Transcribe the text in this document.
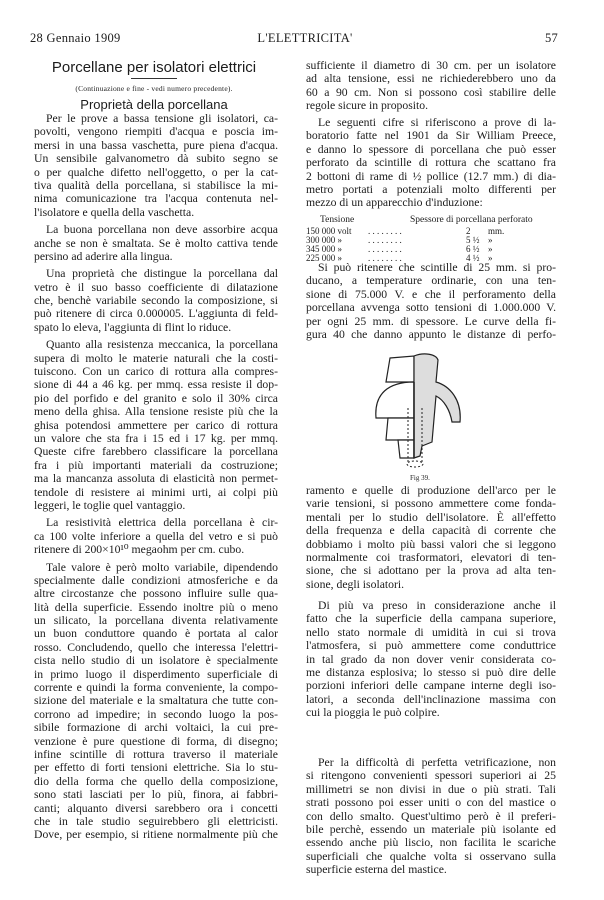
28 Gennaio 1909	L'ELETTRICITA'	57
Porcellane per isolatori elettrici
(Continuazione e fine - vedi numero precedente).
Proprietà della porcellana
Per le prove a bassa tensione gli isolatori, ca-
povolti, vengono riempiti d'acqua e poscia im-
mersi in una bassa vaschetta, pure piena d'acqua.
Un sensibile galvanometro dà subito segno se
o per qualche difetto nell'oggetto, o per la cat-
tiva qualità della porcellana, si stabilisce la mi-
nima comunicazione tra l'acqua contenuta nel-
l'isolatore e quella della vaschetta.
La buona porcellana non deve assorbire acqua
anche se non è smaltata. Se è molto cattiva tende
persino ad aderire alla lingua.
Una proprietà che distingue la porcellana dal
vetro è il suo basso coefficiente di dilatazione
che, benchè variabile secondo la composizione, si
può ritenere di circa 0.000005. L'aggiunta di feld-
spato lo eleva, l'aggiunta di flint lo riduce.
Quanto alla resistenza meccanica, la porcellana
supera di molto le materie naturali che la costi-
tuiscono. Con un carico di rottura alla compres-
sione di 44 a 46 kg. per mmq. essa resiste il dop-
pio del porfido e del granito e solo il 30% circa
meno della ghisa. Alla tensione resiste più che la
ghisa potendosi ammettere per carico di rottura
un valore che sta fra i 15 ed i 17 kg. per mmq.
Queste cifre farebbero classificare la porcellana
fra i più importanti materiali da costruzione;
ma la mancanza assoluta di elasticità non permet-
tendole di resistere ai minimi urti, ai colpi più
leggeri, le toglie quel vantaggio.
La resistività elettrica della porcellana è cir-
ca 100 volte inferiore a quella del vetro e si può
ritenere di 200×10¹⁰ megaohm per cm. cubo.
Tale valore è però molto variabile, dipendendo
specialmente dalle condizioni atmosferiche e da
altre circostanze che possono influire sulle qua-
lità della superficie. Essendo inoltre più o meno
un silicato, la porcellana diventa relativamente
un buon conduttore quando è portata al calor
rosso. Concludendo, quello che interessa l'elettri-
cista nello studio di un isolatore è specialmente
in primo luogo il disperdimento superficiale di
corrente e quindi la forma conveniente, la compo-
sizione del materiale e la smaltatura che tutte con-
corrono ad impedire; in secondo luogo la pos-
sibile formazione di archi voltaici, la cui pre-
venzione è pure questione di forma, di disegno;
infine scintille di rottura traverso il materiale
per effetto di forti tensioni elettriche. Sia lo stu-
dio della forma che quello della composizione,
sono stati lasciati per lo più, finora, ai fabbri-
canti; alquanto diversi sarebbero ora i concetti
che in tale studio seguirebbero gli elettricisti.
Dove, per esempio, si ritiene normalmente più che
sufficiente il diametro di 30 cm. per un isolatore
ad alta tensione, essi ne richiederebbero uno da
60 a 90 cm. Non si possono così stabilire delle
regole sicure in proposito.
Le seguenti cifre si riferiscono a prove di la-
boratorio fatte nel 1901 da Sir William Preece,
e danno lo spessore di porcellana che può esser
perforato da scintille di rottura che scattano fra
2 bottoni di rame di ½ pollice (12.7 mm.) di dia-
metro portati a potenziali molto differenti per
mezzo di un apparecchio d'induzione:
Tensione	Spessore di porcellana perforato
150 000 volt . . . . . . . .	2 mm.
300 000 »	. . . . . . . .	5 ½ »
345 000 »	. . . . . . . .	6 ½ »
225 000 »	. . . . . . . .	4 ½ »
Si può ritenere che scintille di 25 mm. si pro-
ducano, a temperature ordinarie, con una ten-
sione di 75.000 V. e che il perforamento della
porcellana avvenga sotto tensioni di 1.000.000 V.
per ogni 25 mm. di spessore. Le curve della fi-
gura 40 che danno appunto le distanze di perfo-
Fig 39.
ramento e quelle di produzione dell'arco per le
varie tensioni, si possono ammettere come fonda-
mentali per lo studio dell'isolatore. È all'effetto
della frequenza e della capacità di corrente che
dobbiamo i molto più bassi valori che si leggono
normalmente coi trasformatori, elevatori di ten-
sione, che si adottano per la prova ad alta ten-
sione, degli isolatori.
Di più va preso in considerazione anche il
fatto che la superficie della campana superiore,
nello stato normale di umidità in cui si trova
l'atmosfera, si può ammettere come conduttrice
in tal grado da non dover venir considerata co-
me distanza esplosiva; lo stesso si può dire delle
porzioni inferiori delle campane interne degli iso-
latori, a seconda dell'inclinazione massima con
cui la pioggia le può colpire.
Per la difficoltà di perfetta vetrificazione, non
si ritengono convenienti spessori superiori ai 25
millimetri se non divisi in due o più strati. Tali
strati possono poi esser uniti o con del mastice o
con dello smalto. Quest'ultimo però è il preferi-
bile perchè, essendo un materiale più isolante ed
essendo anche più liscio, non facilita le scariche
superficiali che qualche volta si osservano sulla
superficie esterna del mastice.
